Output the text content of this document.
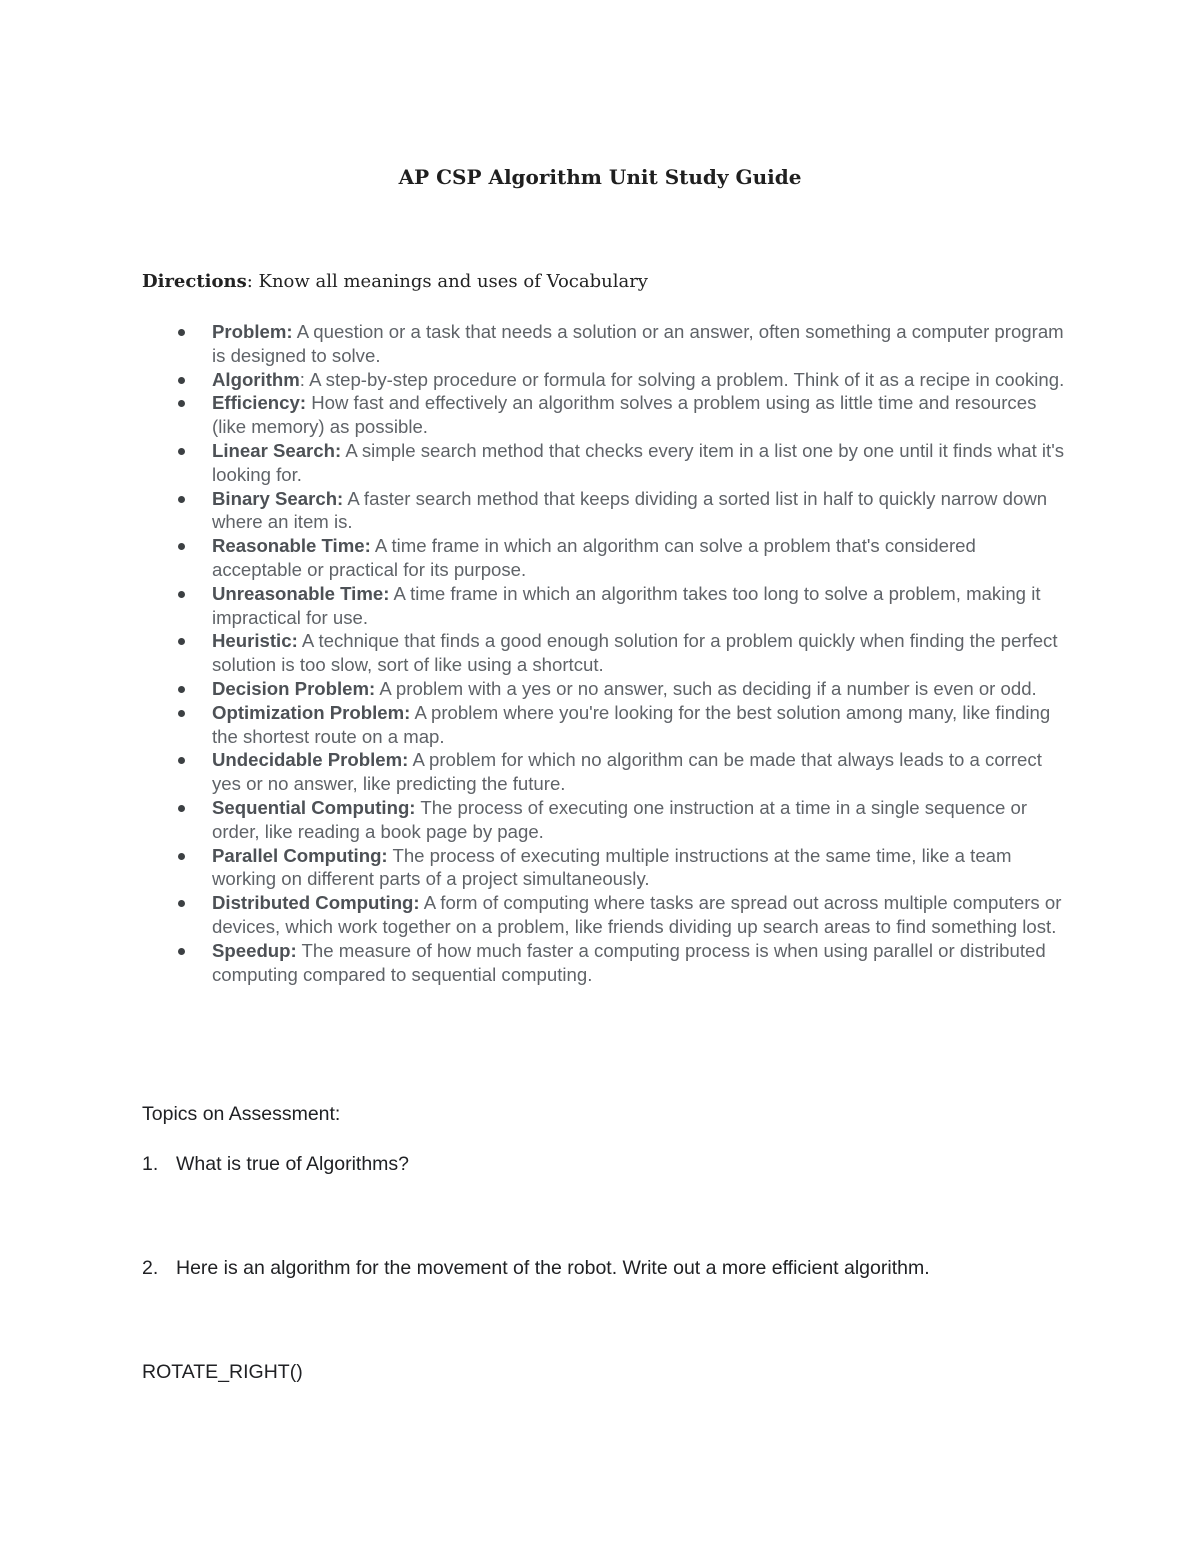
AP CSP Algorithm Unit Study Guide

Directions: Know all meanings and uses of Vocabulary

Problem: A question or a task that needs a solution or an answer, often something a computer program is designed to solve.
Algorithm: A step-by-step procedure or formula for solving a problem. Think of it as a recipe in cooking.
Efficiency: How fast and effectively an algorithm solves a problem using as little time and resources (like memory) as possible.
Linear Search: A simple search method that checks every item in a list one by one until it finds what it's looking for.
Binary Search: A faster search method that keeps dividing a sorted list in half to quickly narrow down where an item is.
Reasonable Time: A time frame in which an algorithm can solve a problem that's considered acceptable or practical for its purpose.
Unreasonable Time: A time frame in which an algorithm takes too long to solve a problem, making it impractical for use.
Heuristic: A technique that finds a good enough solution for a problem quickly when finding the perfect solution is too slow, sort of like using a shortcut.
Decision Problem: A problem with a yes or no answer, such as deciding if a number is even or odd.
Optimization Problem: A problem where you're looking for the best solution among many, like finding the shortest route on a map.
Undecidable Problem: A problem for which no algorithm can be made that always leads to a correct yes or no answer, like predicting the future.
Sequential Computing: The process of executing one instruction at a time in a single sequence or order, like reading a book page by page.
Parallel Computing: The process of executing multiple instructions at the same time, like a team working on different parts of a project simultaneously.
Distributed Computing: A form of computing where tasks are spread out across multiple computers or devices, which work together on a problem, like friends dividing up search areas to find something lost.
Speedup: The measure of how much faster a computing process is when using parallel or distributed computing compared to sequential computing.

Topics on Assessment:

1. What is true of Algorithms?

2. Here is an algorithm for the movement of the robot. Write out a more efficient algorithm.

ROTATE_RIGHT()
